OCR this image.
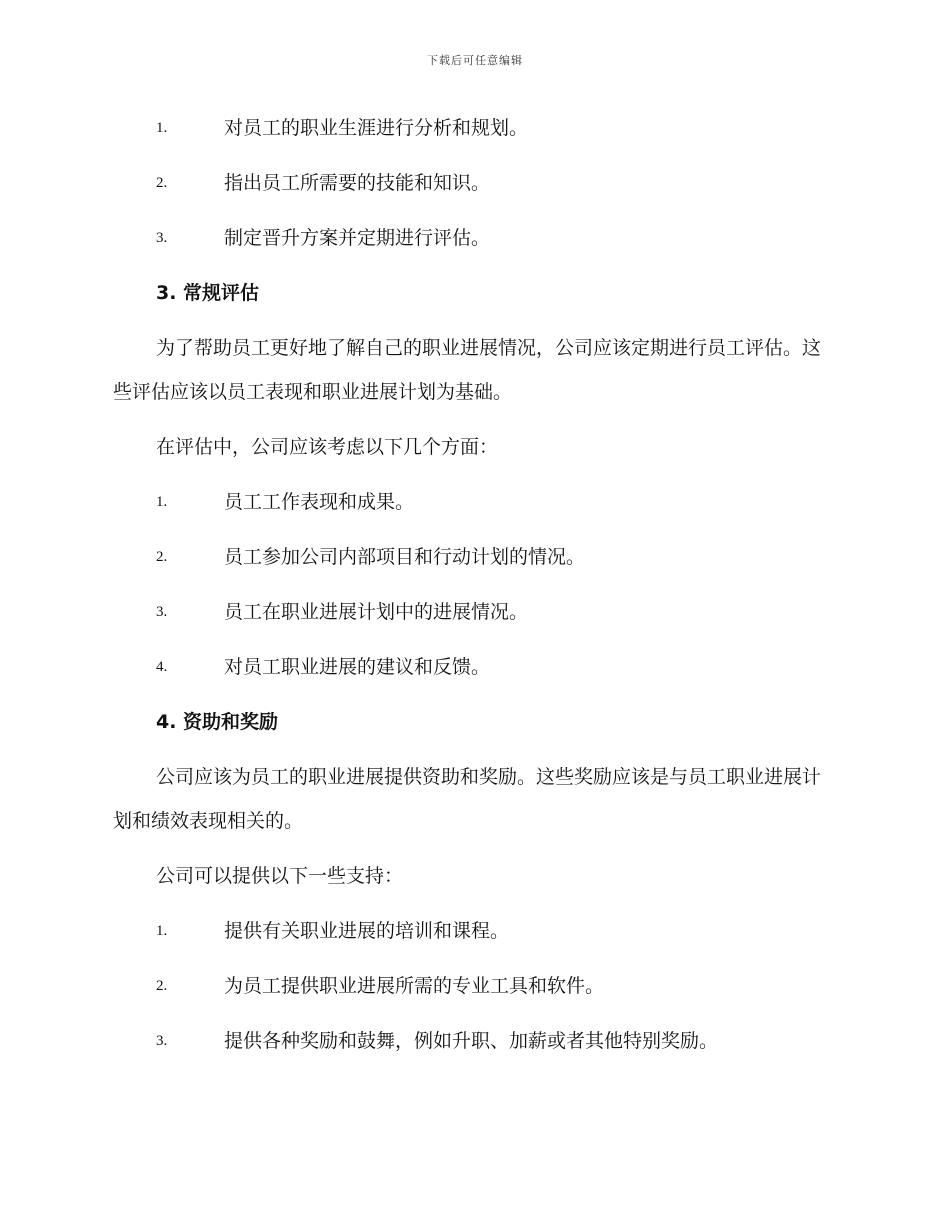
下载后可任意编辑
1.	对员工的职业生涯进行分析和规划。
2.	指出员工所需要的技能和知识。
3.	制定晋升方案并定期进行评估。
3. 常规评估
为了帮助员工更好地了解自己的职业进展情况，公司应该定期进行员工评估。这些评估应该以员工表现和职业进展计划为基础。
在评估中，公司应该考虑以下几个方面：
1.	员工工作表现和成果。
2.	员工参加公司内部项目和行动计划的情况。
3.	员工在职业进展计划中的进展情况。
4.	对员工职业进展的建议和反馈。
4. 资助和奖励
公司应该为员工的职业进展提供资助和奖励。这些奖励应该是与员工职业进展计划和绩效表现相关的。
公司可以提供以下一些支持：
1.	提供有关职业进展的培训和课程。
2.	为员工提供职业进展所需的专业工具和软件。
3.	提供各种奖励和鼓舞，例如升职、加薪或者其他特别奖励。
